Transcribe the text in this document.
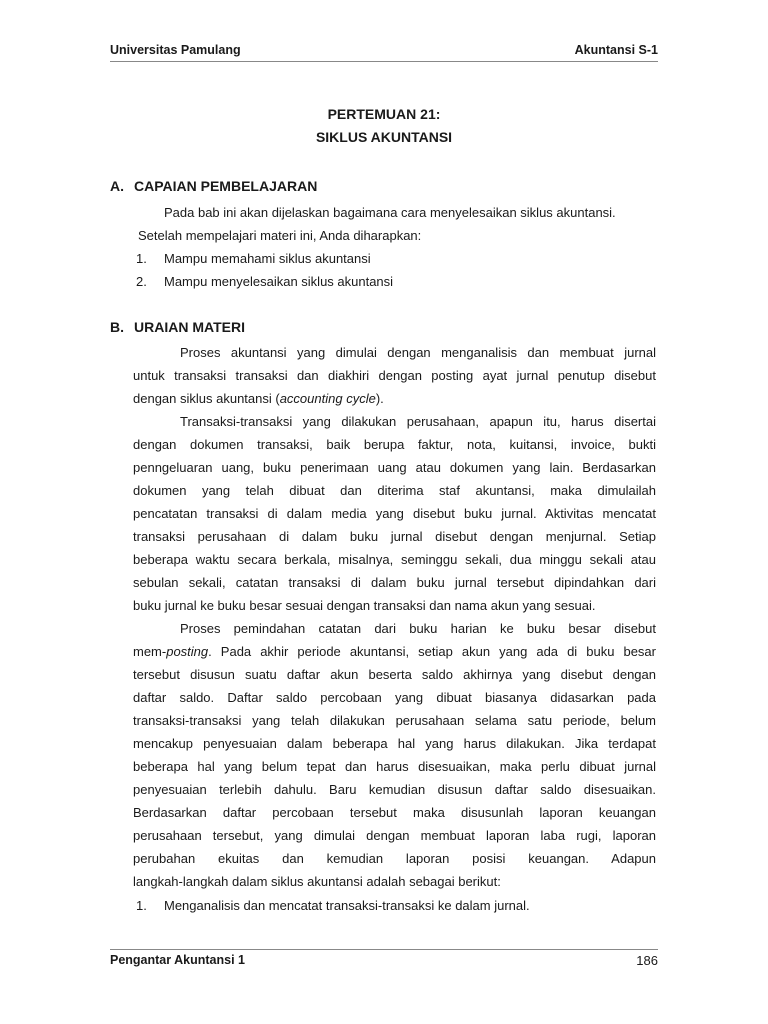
Universitas Pamulang	Akuntansi S-1
PERTEMUAN 21:
SIKLUS AKUNTANSI
A. CAPAIAN PEMBELAJARAN
Pada bab ini akan dijelaskan bagaimana cara menyelesaikan siklus akuntansi.
Setelah mempelajari materi ini, Anda diharapkan:
1. Mampu memahami siklus akuntansi
2. Mampu menyelesaikan siklus akuntansi
B. URAIAN MATERI
Proses akuntansi yang dimulai dengan menganalisis dan membuat jurnal
untuk transaksi transaksi dan diakhiri dengan posting ayat jurnal penutup disebut
dengan siklus akuntansi (accounting cycle).
Transaksi-transaksi yang dilakukan perusahaan, apapun itu, harus disertai
dengan dokumen transaksi, baik berupa faktur, nota, kuitansi, invoice, bukti
penngeluaran uang, buku penerimaan uang atau dokumen yang lain. Berdasarkan
dokumen yang telah dibuat dan diterima staf akuntansi, maka dimulailah
pencatatan transaksi di dalam media yang disebut buku jurnal. Aktivitas mencatat
transaksi perusahaan di dalam buku jurnal disebut dengan menjurnal. Setiap
beberapa waktu secara berkala, misalnya, seminggu sekali, dua minggu sekali atau
sebulan sekali, catatan transaksi di dalam buku jurnal tersebut dipindahkan dari
buku jurnal ke buku besar sesuai dengan transaksi dan nama akun yang sesuai.
Proses pemindahan catatan dari buku harian ke buku besar disebut
mem-posting. Pada akhir periode akuntansi, setiap akun yang ada di buku besar
tersebut disusun suatu daftar akun beserta saldo akhirnya yang disebut dengan
daftar saldo. Daftar saldo percobaan yang dibuat biasanya didasarkan pada
transaksi-transaksi yang telah dilakukan perusahaan selama satu periode, belum
mencakup penyesuaian dalam beberapa hal yang harus dilakukan. Jika terdapat
beberapa hal yang belum tepat dan harus disesuaikan, maka perlu dibuat jurnal
penyesuaian terlebih dahulu. Baru kemudian disusun daftar saldo disesuaikan.
Berdasarkan daftar percobaan tersebut maka disusunlah laporan keuangan
perusahaan tersebut, yang dimulai dengan membuat laporan laba rugi, laporan
perubahan ekuitas dan kemudian laporan posisi keuangan. Adapun
langkah-langkah dalam siklus akuntansi adalah sebagai berikut:
1. Menganalisis dan mencatat transaksi-transaksi ke dalam jurnal.
Pengantar Akuntansi 1	186
